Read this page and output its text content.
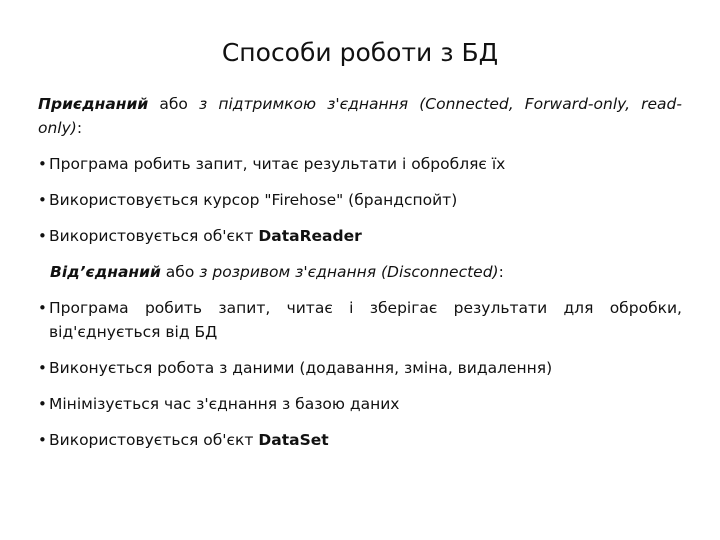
Способи роботи з БД

Приєднаний або з підтримкою з'єднання (Connected, Forward-only, read-only):

• Програма робить запит, читає результати і обробляє їх

• Використовується курсор "Firehose" (брандспойт)

• Використовується об'єкт DataReader

Від’єднаний або з розривом з'єднання (Disconnected):

• Програма робить запит, читає і зберігає результати для обробки, від'єднується від БД

• Виконується робота з даними (додавання, зміна, видалення)

• Мінімізується час з'єднання з базою даних

• Використовується об'єкт DataSet
